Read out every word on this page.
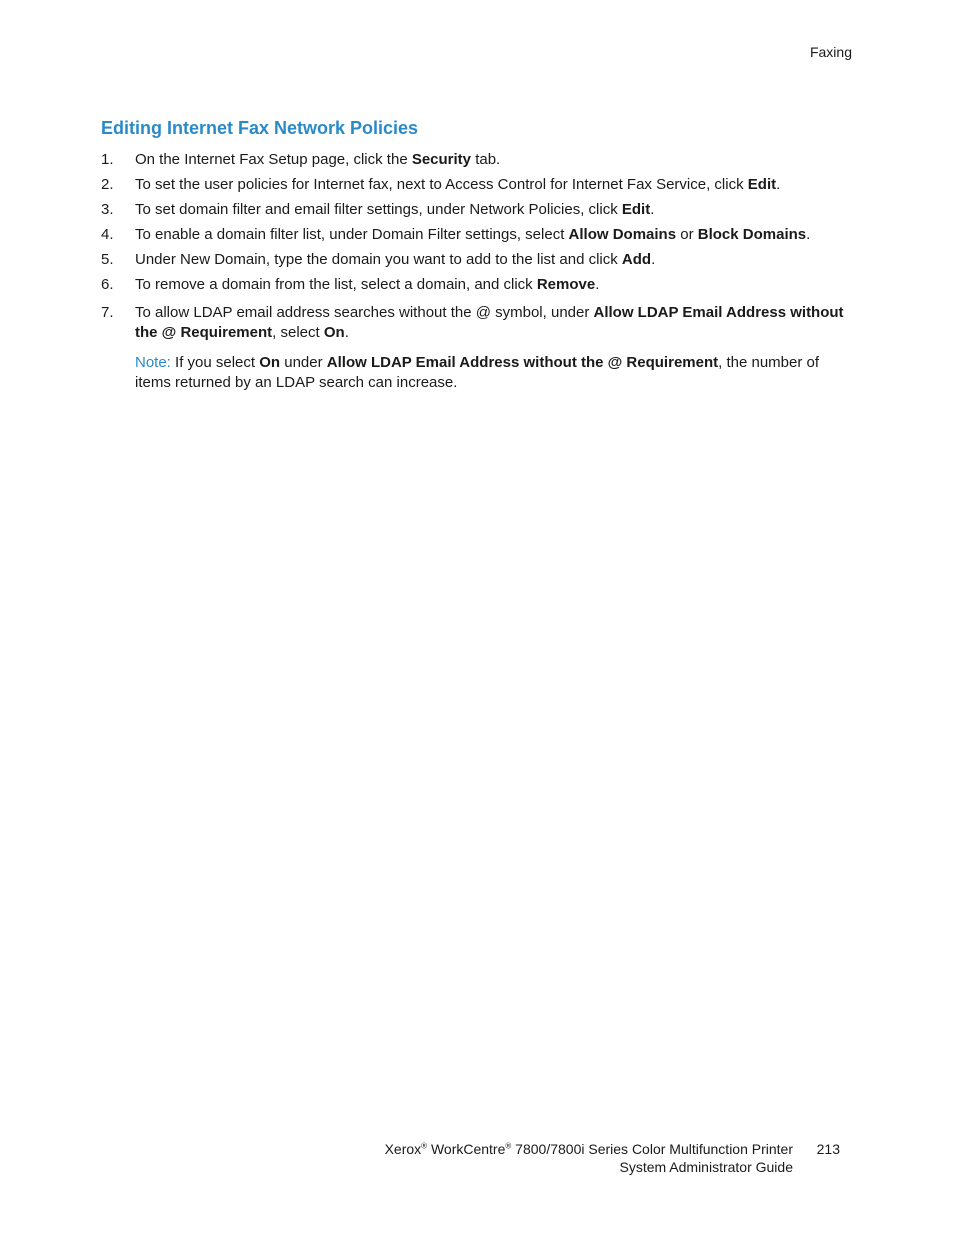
Faxing
Editing Internet Fax Network Policies
1. On the Internet Fax Setup page, click the Security tab.
2. To set the user policies for Internet fax, next to Access Control for Internet Fax Service, click Edit.
3. To set domain filter and email filter settings, under Network Policies, click Edit.
4. To enable a domain filter list, under Domain Filter settings, select Allow Domains or Block Domains.
5. Under New Domain, type the domain you want to add to the list and click Add.
6. To remove a domain from the list, select a domain, and click Remove.
7. To allow LDAP email address searches without the @ symbol, under Allow LDAP Email Address without the @ Requirement, select On.
Note: If you select On under Allow LDAP Email Address without the @ Requirement, the number of items returned by an LDAP search can increase.
Xerox® WorkCentre® 7800/7800i Series Color Multifunction Printer
System Administrator Guide
213
